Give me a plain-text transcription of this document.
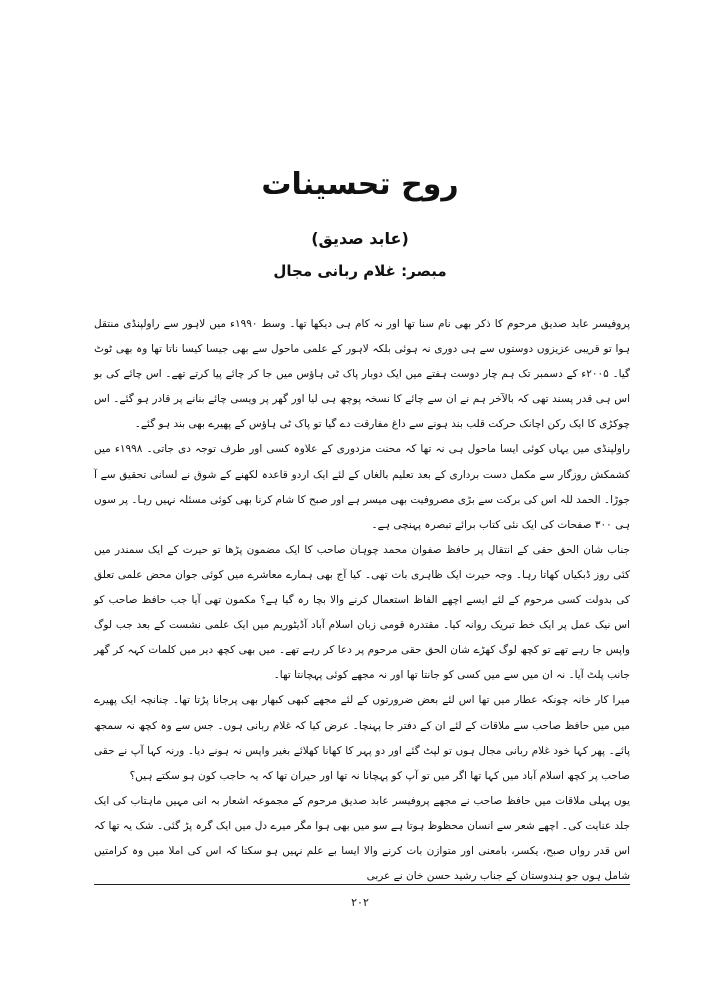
روح تحسینات
(عابد صدیق)
مبصر: غلام ربانی مجال

پروفیسر عابد صدیق مرحوم کا ذکر بھی نام سنا تھا اور نہ کام ہی دیکھا تھا۔ وسط ۱۹۹۰ء میں لاہور سے راولپنڈی منتقل ہوا تو قریبی عزیزوں دوستوں سے ہی دوری نہ ہوئی بلکہ لاہور کے علمی ماحول سے بھی جیسا کیسا ناتا تھا وہ بھی ٹوٹ گیا۔ ۲۰۰۵ء کے دسمبر تک ہم چار دوست ہفتے میں ایک دوبار پاک ٹی ہاؤس میں جا کر چائے پیا کرتے تھے۔ اس چائے کی بو اس ہی قدر پسند تھی کہ بالآخر ہم نے ان سے چائے کا نسخہ پوچھ ہی لیا اور گھر پر ویسی چائے بنانے پر قادر ہو گئے۔ اس چوکڑی کا ایک رکن اچانک حرکت قلب بند ہونے سے داغ مفارقت دے گیا تو پاک ٹی ہاؤس کے پھیرے بھی بند ہو گئے۔

راولپنڈی میں یہاں کوئی ایسا ماحول ہی نہ تھا کہ محنت مزدوری کے علاوہ کسی اور طرف توجہ دی جاتی۔ ۱۹۹۸ء میں کشمکش روزگار سے مکمل دست برداری کے بعد تعلیم بالغاں کے لئے ایک اردو قاعدہ لکھنے کے شوق نے لسانی تحقیق سے آ جوڑا۔ الحمد للہ اس کی برکت سے بڑی مصروفیت بھی میسر ہے اور صبح کا شام کرنا بھی کوئی مسئلہ نہیں رہا۔ پر سوں ہی ۳۰۰ صفحات کی ایک نئی کتاب برائے تبصرہ پہنچی ہے۔

جناب شان الحق حقی کے انتقال پر حافظ صفوان محمد چوہان صاحب کا ایک مضمون پڑھا تو حیرت کے ایک سمندر میں کئی روز ڈبکیاں کھاتا رہا۔ وجہ حیرت ایک ظاہری بات تھی۔ کیا آج بھی ہمارے معاشرے میں کوئی جوان محض علمی تعلق کی بدولت کسی مرحوم کے لئے ایسے اچھے الفاظ استعمال کرنے والا بچا رہ گیا ہے؟ مکمون تھی آیا جب حافظ صاحب کو اس نیک عمل پر ایک خط تبریک روانہ کیا۔ مقتدرہ قومی زبان اسلام آباد آڈیٹوریم میں ایک علمی نشست کے بعد جب لوگ واپس جا رہے تھے تو کچھ لوگ کھڑے شان الحق حقی مرحوم پر دعا کر رہے تھے۔ میں بھی کچھ دیر میں کلمات کہہ کر گھر جانب پلٹ آیا۔ نہ ان میں سے میں کسی کو جانتا تھا اور نہ مجھے کوئی پہچانتا تھا۔

میرا کار خانہ چونکہ عطار میں تھا اس لئے بعض ضرورتوں کے لئے مجھے کبھی کبھار بھی پرجانا پڑتا تھا۔ چنانچہ ایک پھیرے میں میں حافظ صاحب سے ملاقات کے لئے ان کے دفتر جا پہنچا۔ عرض کیا کہ غلام ربانی ہوں۔ جس سے وہ کچھ نہ سمجھ پائے۔ پھر کہا خود غلام ربانی مجال ہوں تو لپٹ گئے اور دو پہر کا کھانا کھلائے بغیر واپس نہ ہونے دیا۔ ورنہ کہا آپ نے حقی صاحب پر کچھ اسلام آباد میں کہا تھا اگر میں تو آپ کو پہچانا نہ تھا اور حیران تھا کہ یہ حاجب کون ہو سکتے ہیں؟

یوں پہلی ملاقات میں حافظ صاحب نے مجھے پروفیسر عابد صدیق مرحوم کے مجموعہ اشعار بہ انی مہیں ماہتاب کی ایک جلد عنایت کی۔ اچھے شعر سے انسان محظوظ ہوتا ہے سو میں بھی ہوا مگر میرے دل میں ایک گرہ پڑ گئی۔ شک یہ تھا کہ اس قدر رواں صبح، یکسر، بامعنی اور متوازن بات کرنے والا ایسا بے علم نہیں ہو سکتا کہ اس کی املا میں وہ کرامتیں شامل ہوں جو ہندوستان کے جناب رشید حسن خان نے عربی

۲۰۲
